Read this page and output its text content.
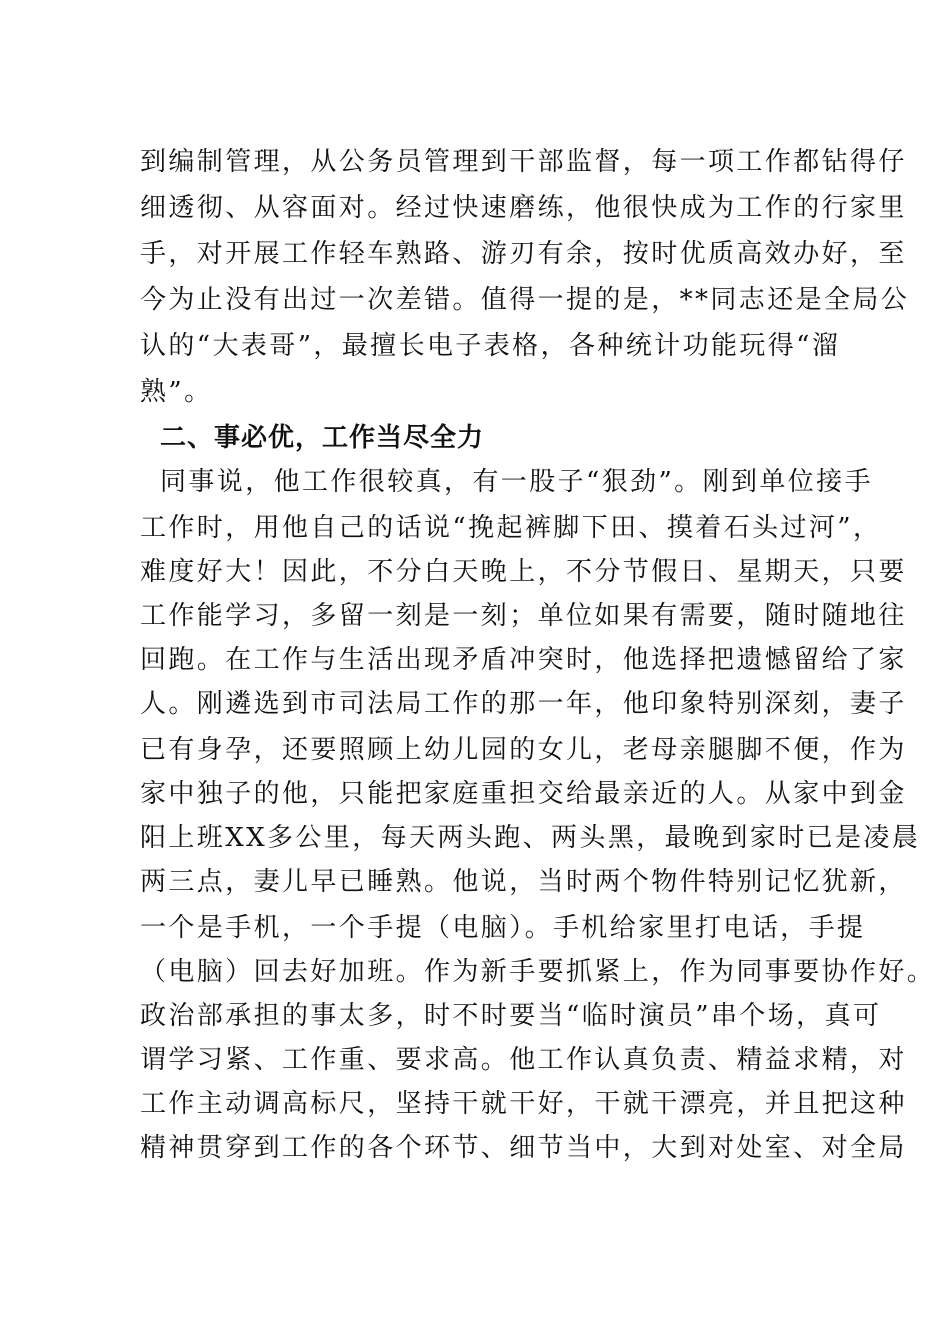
到编制管理，从公务员管理到干部监督，每一项工作都钻得仔
细透彻、从容面对。经过快速磨练，他很快成为工作的行家里
手，对开展工作轻车熟路、游刃有余，按时优质高效办好，至
今为止没有出过一次差错。值得一提的是，**同志还是全局公
认的“大表哥”，最擅长电子表格，各种统计功能玩得“溜
熟”。
二、事必优，工作当尽全力
同事说，他工作很较真，有一股子“狠劲”。刚到单位接手
工作时，用他自己的话说“挽起裤脚下田、摸着石头过河”，
难度好大！因此，不分白天晚上，不分节假日、星期天，只要
工作能学习，多留一刻是一刻；单位如果有需要，随时随地往
回跑。在工作与生活出现矛盾冲突时，他选择把遗憾留给了家
人。刚遴选到市司法局工作的那一年，他印象特别深刻，妻子
已有身孕，还要照顾上幼儿园的女儿，老母亲腿脚不便，作为
家中独子的他，只能把家庭重担交给最亲近的人。从家中到金
阳上班XX多公里，每天两头跑、两头黑，最晚到家时已是凌晨
两三点，妻儿早已睡熟。他说，当时两个物件特别记忆犹新，
一个是手机，一个手提（电脑）。手机给家里打电话，手提
（电脑）回去好加班。作为新手要抓紧上，作为同事要协作好。
政治部承担的事太多，时不时要当“临时演员”串个场，真可
谓学习紧、工作重、要求高。他工作认真负责、精益求精，对
工作主动调高标尺，坚持干就干好，干就干漂亮，并且把这种
精神贯穿到工作的各个环节、细节当中，大到对处室、对全局
